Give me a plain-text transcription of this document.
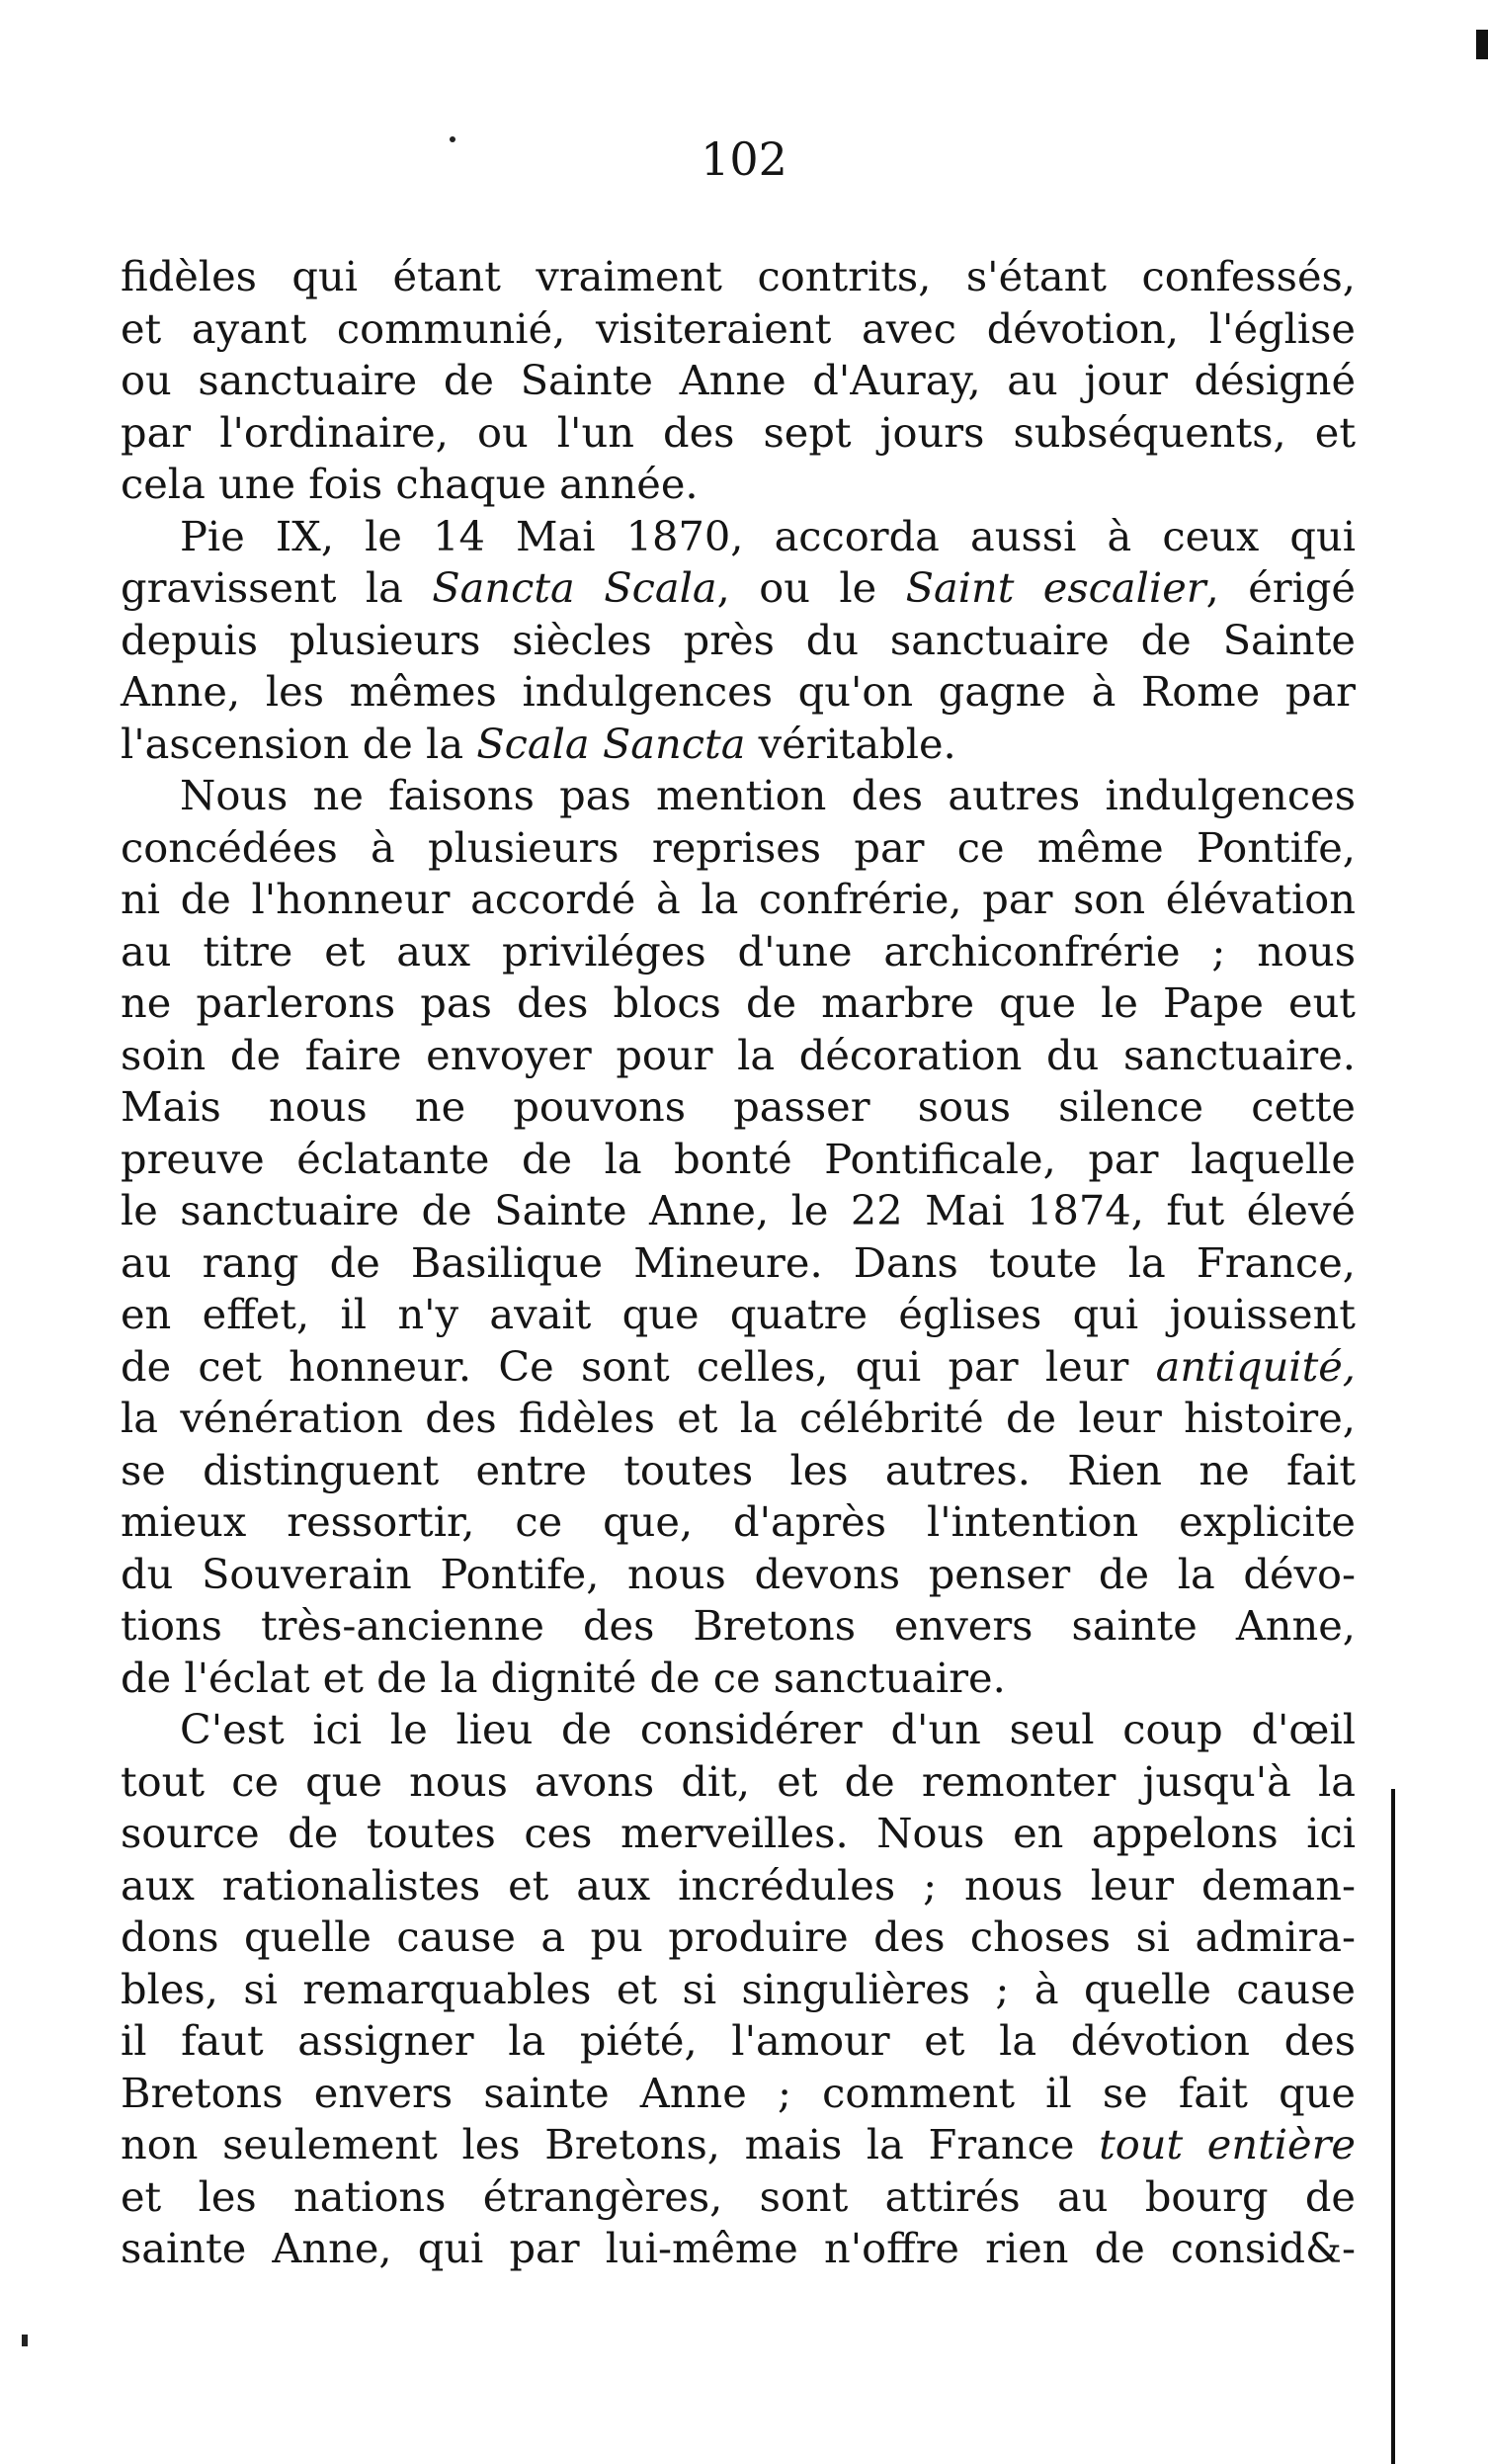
102

fidèles qui étant vraiment contrits, s'étant confessés,
et ayant communié, visiteraient avec dévotion, l'église
ou sanctuaire de Sainte Anne d'Auray, au jour désigné
par l'ordinaire, ou l'un des sept jours subséquents, et
cela une fois chaque année.

Pie IX, le 14 Mai 1870, accorda aussi à ceux qui
gravissent la Sancta Scala, ou le Saint escalier, érigé
depuis plusieurs siècles près du sanctuaire de Sainte
Anne, les mêmes indulgences qu'on gagne à Rome par
l'ascension de la Scala Sancta véritable.

Nous ne faisons pas mention des autres indulgences
concédées à plusieurs reprises par ce même Pontife,
ni de l'honneur accordé à la confrérie, par son élévation
au titre et aux priviléges d'une archiconfrérie ; nous
ne parlerons pas des blocs de marbre que le Pape eut
soin de faire envoyer pour la décoration du sanctuaire.
Mais nous ne pouvons passer sous silence cette
preuve éclatante de la bonté Pontificale, par laquelle
le sanctuaire de Sainte Anne, le 22 Mai 1874, fut élevé
au rang de Basilique Mineure. Dans toute la France,
en effet, il n'y avait que quatre églises qui jouissent
de cet honneur. Ce sont celles, qui par leur antiquité,
la vénération des fidèles et la célébrité de leur histoire,
se distinguent entre toutes les autres. Rien ne fait
mieux ressortir, ce que, d'après l'intention explicite
du Souverain Pontife, nous devons penser de la dévo-
tions très-ancienne des Bretons envers sainte Anne,
de l'éclat et de la dignité de ce sanctuaire.

C'est ici le lieu de considérer d'un seul coup d'œil
tout ce que nous avons dit, et de remonter jusqu'à la
source de toutes ces merveilles. Nous en appelons ici
aux rationalistes et aux incrédules ; nous leur deman-
dons quelle cause a pu produire des choses si admira-
bles, si remarquables et si singulières ; à quelle cause
il faut assigner la piété, l'amour et la dévotion des
Bretons envers sainte Anne ; comment il se fait que
non seulement les Bretons, mais la France tout entière
et les nations étrangères, sont attirés au bourg de
sainte Anne, qui par lui-même n'offre rien de consid&-
